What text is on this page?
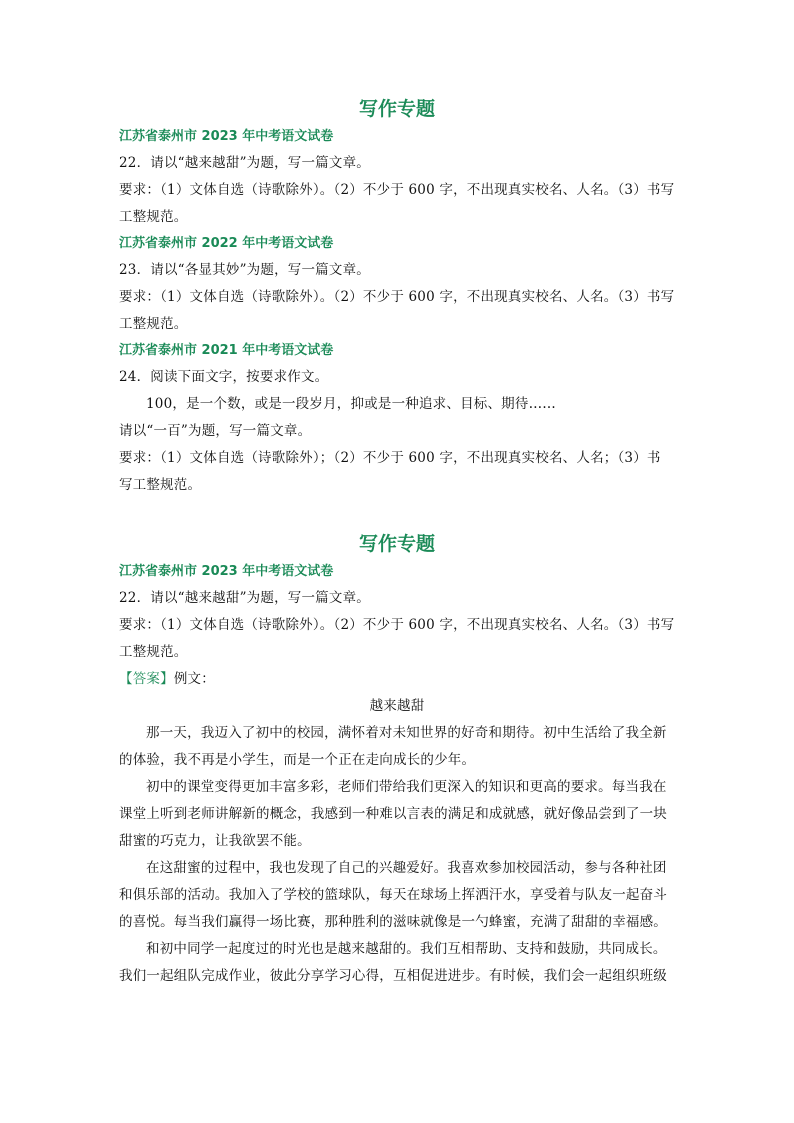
写作专题
江苏省泰州市 2023 年中考语文试卷
22．请以“越来越甜”为题，写一篇文章。
要求：（1）文体自选（诗歌除外）。（2）不少于 600 字，不出现真实校名、人名。（3）书写
工整规范。
江苏省泰州市 2022 年中考语文试卷
23．请以“各显其妙”为题，写一篇文章。
要求：（1）文体自选（诗歌除外）。（2）不少于 600 字，不出现真实校名、人名。（3）书写
工整规范。
江苏省泰州市 2021 年中考语文试卷
24．阅读下面文字，按要求作文。
100，是一个数，或是一段岁月，抑或是一种追求、目标、期待……
请以“一百”为题，写一篇文章。
要求：（1）文体自选（诗歌除外）；（2）不少于 600 字，不出现真实校名、人名；（3）书
写工整规范。
写作专题
江苏省泰州市 2023 年中考语文试卷
22．请以“越来越甜”为题，写一篇文章。
要求：（1）文体自选（诗歌除外）。（2）不少于 600 字，不出现真实校名、人名。（3）书写
工整规范。
【答案】例文：
越来越甜
那一天，我迈入了初中的校园，满怀着对未知世界的好奇和期待。初中生活给了我全新
的体验，我不再是小学生，而是一个正在走向成长的少年。
初中的课堂变得更加丰富多彩，老师们带给我们更深入的知识和更高的要求。每当我在
课堂上听到老师讲解新的概念，我感到一种难以言表的满足和成就感，就好像品尝到了一块
甜蜜的巧克力，让我欲罢不能。
在这甜蜜的过程中，我也发现了自己的兴趣爱好。我喜欢参加校园活动，参与各种社团
和俱乐部的活动。我加入了学校的篮球队，每天在球场上挥洒汗水，享受着与队友一起奋斗
的喜悦。每当我们赢得一场比赛，那种胜利的滋味就像是一勺蜂蜜，充满了甜甜的幸福感。
和初中同学一起度过的时光也是越来越甜的。我们互相帮助、支持和鼓励，共同成长。
我们一起组队完成作业，彼此分享学习心得，互相促进进步。有时候，我们会一起组织班级
